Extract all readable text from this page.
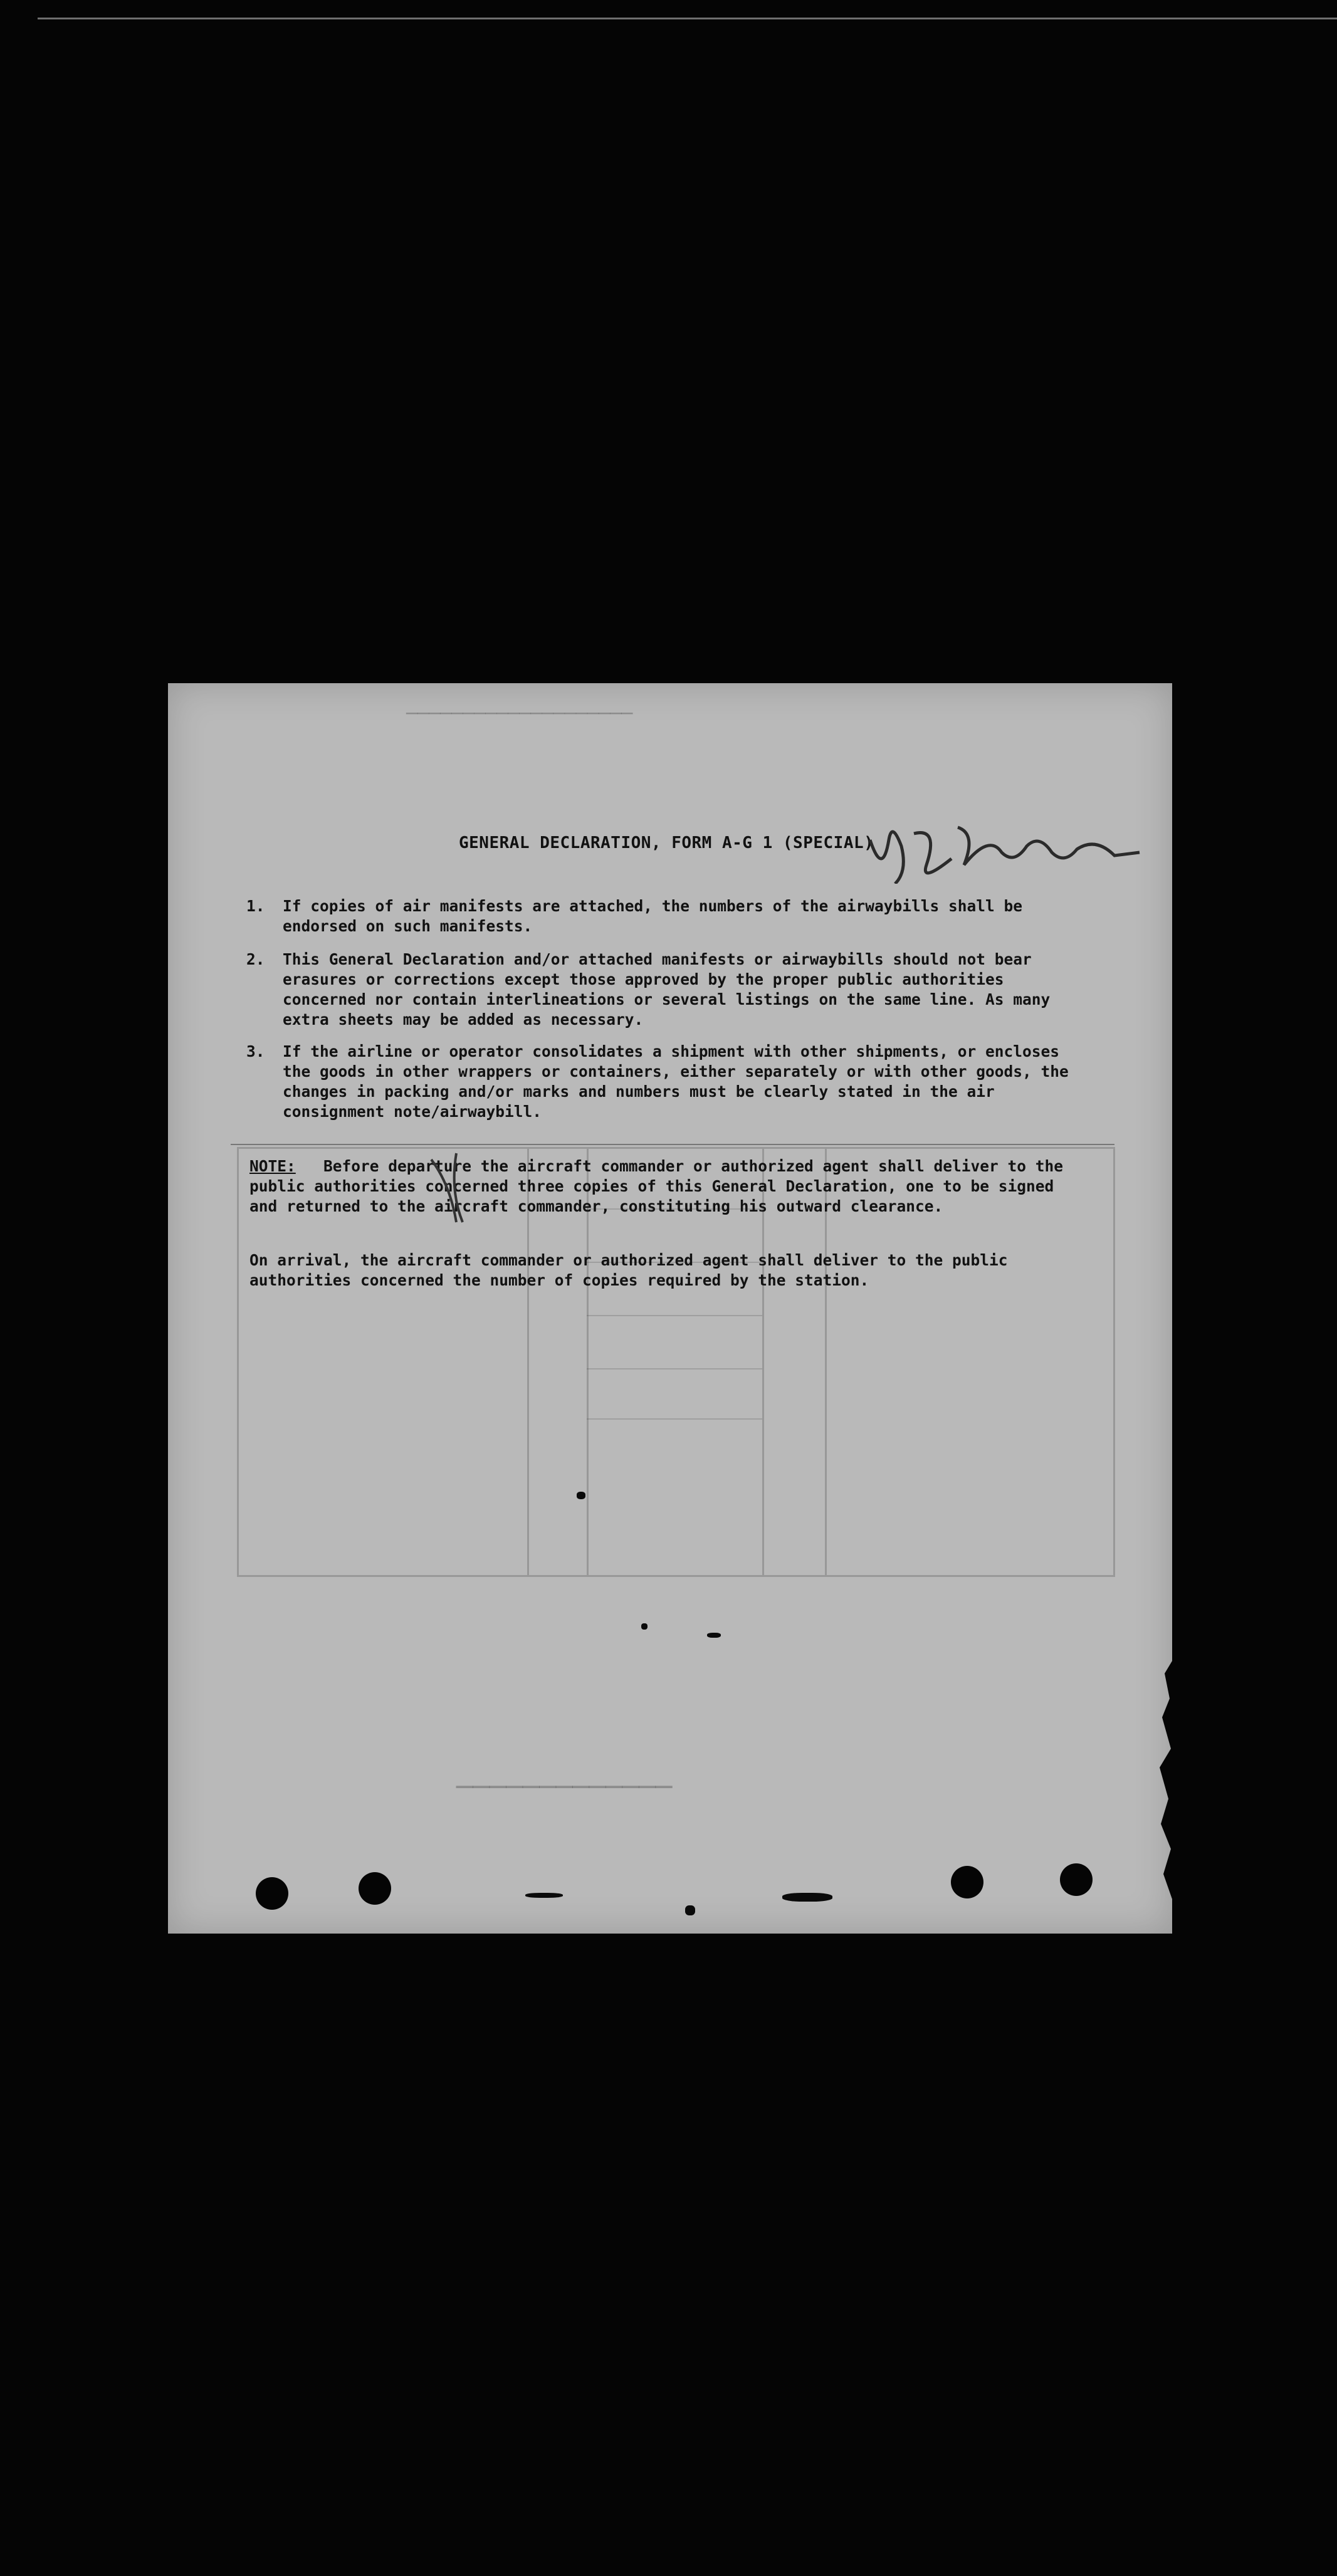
────────────────────
─────────────
GENERAL DECLARATION, FORM A-G 1 (SPECIAL)
1. If copies of air manifests are attached, the numbers of the airwaybills shall be endorsed on such manifests.
2. This General Declaration and/or attached manifests or airwaybills should not bear erasures or corrections except those approved by the proper public authorities concerned nor contain interlineations or several listings on the same line. As many extra sheets may be added as necessary.
3. If the airline or operator consolidates a shipment with other shipments, or encloses the goods in other wrappers or containers, either separately or with other goods, the changes in packing and/or marks and numbers must be clearly stated in the air consignment note/airwaybill.
NOTE: Before departure the aircraft commander or authorized agent shall deliver to the public authorities concerned three copies of this General Declaration, one to be signed and returned to the aircraft commander, constituting his outward clearance.
On arrival, the aircraft commander or authorized agent shall deliver to the public authorities concerned the number of copies required by the station.
